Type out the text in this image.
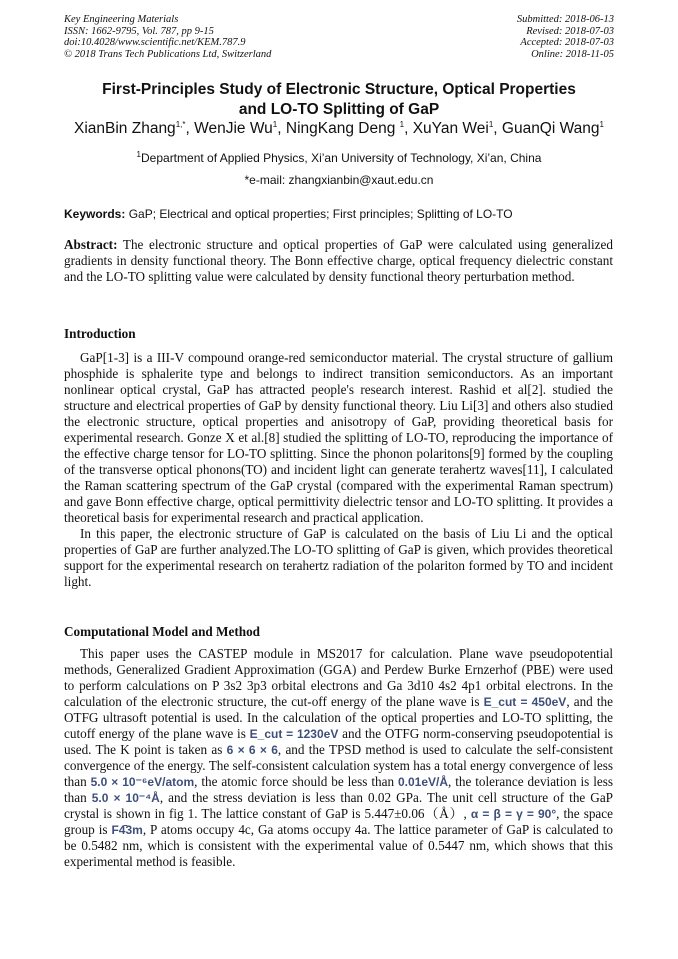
Key Engineering Materials
ISSN: 1662-9795, Vol. 787, pp 9-15
doi:10.4028/www.scientific.net/KEM.787.9
© 2018 Trans Tech Publications Ltd, Switzerland
Submitted: 2018-06-13
Revised: 2018-07-03
Accepted: 2018-07-03
Online: 2018-11-05
First-Principles Study of Electronic Structure, Optical Properties
and LO-TO Splitting of GaP
XianBin Zhang$^{1,*}$, WenJie Wu$^1$, NingKang Deng $^1$, XuYan Wei$^1$, GuanQi Wang$^1$
$^1$Department of Applied Physics, Xi’an University of Technology, Xi’an, China
*e-mail: zhangxianbin@xaut.edu.cn
Keywords: GaP; Electrical and optical properties; First principles; Splitting of LO-TO

Abstract: The electronic structure and optical properties of GaP were calculated using generalized gradients in density functional theory. The Bonn effective charge, optical frequency dielectric constant and the LO-TO splitting value were calculated by density functional theory perturbation method.

Introduction

GaP[1-3] is a III-V compound orange-red semiconductor material. The crystal structure of gallium phosphide is sphalerite type and belongs to indirect transition semiconductors. As an important nonlinear optical crystal, GaP has attracted people's research interest. Rashid et al[2]. studied the structure and electrical properties of GaP by density functional theory. Liu Li[3] and others also studied the electronic structure, optical properties and anisotropy of GaP, providing theoretical basis for experimental research. Gonze X et al.[8] studied the splitting of LO-TO, reproducing the importance of the effective charge tensor for LO-TO splitting. Since the phonon polaritons[9] formed by the coupling of the transverse optical phonons(TO) and incident light can generate terahertz waves[11], I calculated the Raman scattering spectrum of the GaP crystal (compared with the experimental Raman spectrum) and gave Bonn effective charge, optical permittivity dielectric tensor and LO-TO splitting. It provides a theoretical basis for experimental research and practical application.

In this paper, the electronic structure of GaP is calculated on the basis of Liu Li and the optical properties of GaP are further analyzed.The LO-TO splitting of GaP is given, which provides theoretical support for the experimental research on terahertz radiation of the polariton formed by TO and incident light.

Computational Model and Method

This paper uses the CASTEP module in MS2017 for calculation. Plane wave pseudopotential methods, Generalized Gradient Approximation (GGA) and Perdew Burke Ernzerhof (PBE) were used to perform calculations on P 3s2 3p3 orbital electrons and Ga 3d10 4s2 4p1 orbital electrons. In the calculation of the electronic structure, the cut-off energy of the plane wave is E_cut = 450eV, and the OTFG ultrasoft potential is used. In the calculation of the optical properties and LO-TO splitting, the cutoff energy of the plane wave is E_cut = 1230eV and the OTFG norm-conserving pseudopotential is used. The K point is taken as 6 × 6 × 6, and the TPSD method is used to calculate the self-consistent convergence of the energy. The self-consistent calculation system has a total energy convergence of less than 5.0 × 10⁻⁶eV/atom, the atomic force should be less than 0.01eV/Å, the tolerance deviation is less than 5.0 × 10⁻⁴Å, and the stress deviation is less than 0.02 GPa. The unit cell structure of the GaP crystal is shown in fig 1. The lattice constant of GaP is 5.447±0.06（Å）, α = β = γ = 90°, the space group is F4̄3m, P atoms occupy 4c, Ga atoms occupy 4a. The lattice parameter of GaP is calculated to be 0.5482 nm, which is consistent with the experimental value of 0.5447 nm, which shows that this experimental method is feasible.
